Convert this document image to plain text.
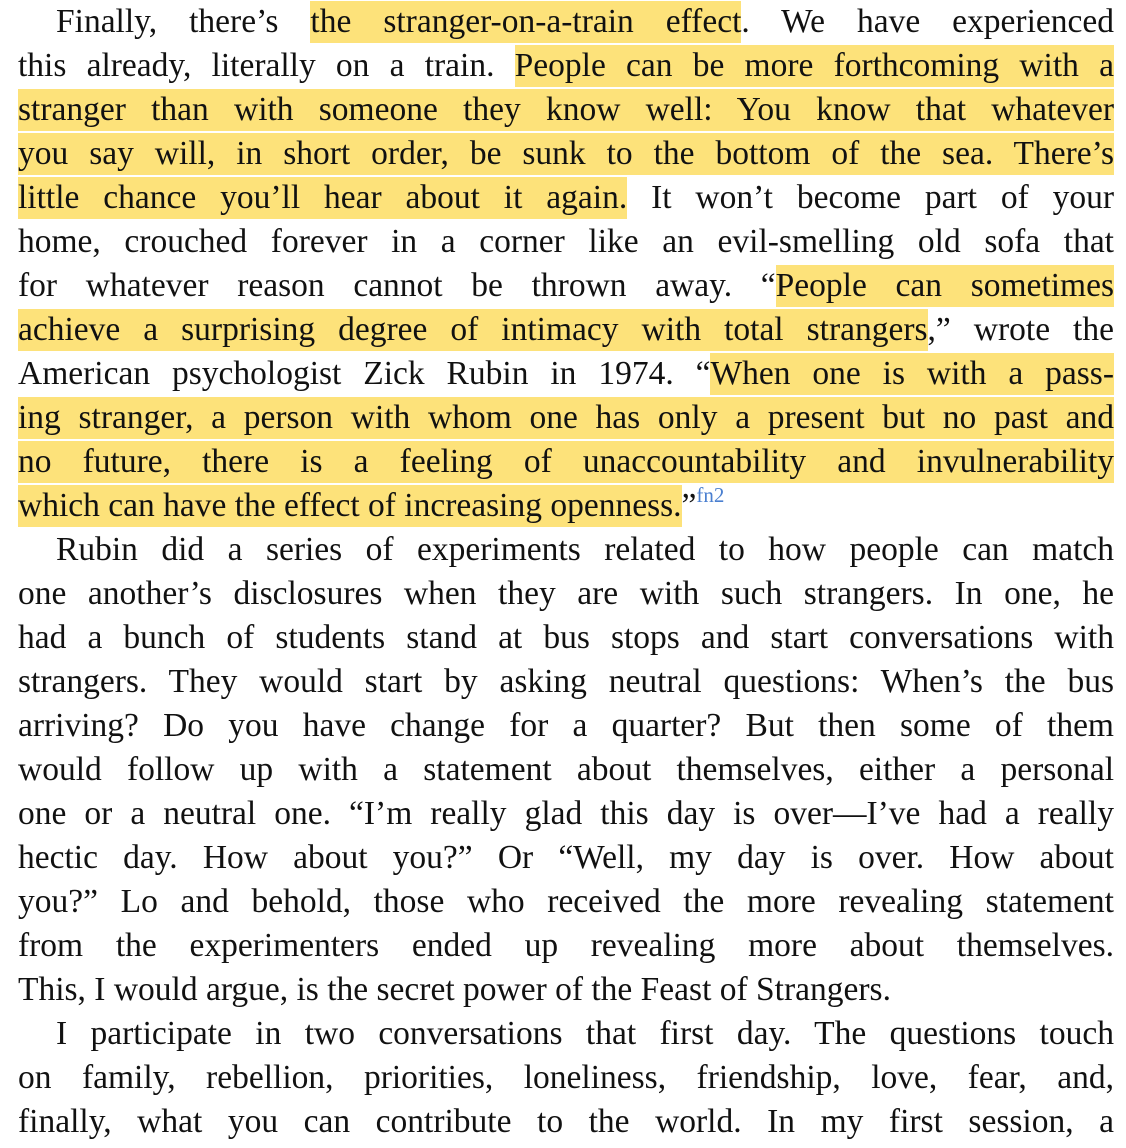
Finally, there’s the stranger-on-a-train effect. We have experienced
this already, literally on a train. People can be more forthcoming with a
stranger than with someone they know well: You know that whatever
you say will, in short order, be sunk to the bottom of the sea. There’s
little chance you’ll hear about it again. It won’t become part of your
home, crouched forever in a corner like an evil-smelling old sofa that
for whatever reason cannot be thrown away. “People can sometimes
achieve a surprising degree of intimacy with total strangers,” wrote the
American psychologist Zick Rubin in 1974. “When one is with a pass-
ing stranger, a person with whom one has only a present but no past and
no future, there is a feeling of unaccountability and invulnerability
which can have the effect of increasing openness.”$^{fn2}$
Rubin did a series of experiments related to how people can match
one another’s disclosures when they are with such strangers. In one, he
had a bunch of students stand at bus stops and start conversations with
strangers. They would start by asking neutral questions: When’s the bus
arriving? Do you have change for a quarter? But then some of them
would follow up with a statement about themselves, either a personal
one or a neutral one. “I’m really glad this day is over—I’ve had a really
hectic day. How about you?” Or “Well, my day is over. How about
you?” Lo and behold, those who received the more revealing statement
from the experimenters ended up revealing more about themselves.
This, I would argue, is the secret power of the Feast of Strangers.
I participate in two conversations that first day. The questions touch
on family, rebellion, priorities, loneliness, friendship, love, fear, and,
finally, what you can contribute to the world. In my first session, a
